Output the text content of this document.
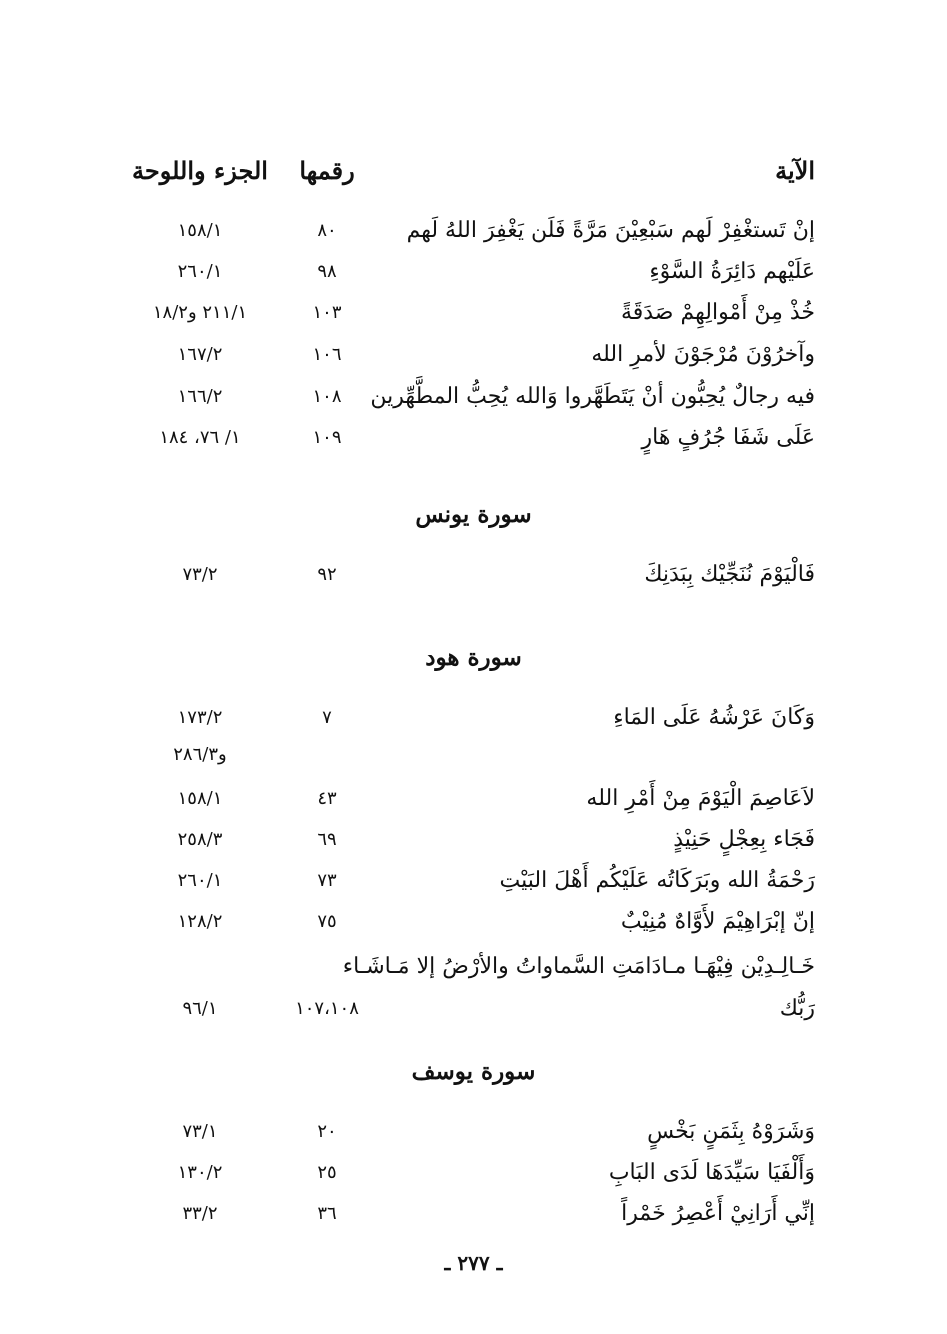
الآية
رقمها
الجزء واللوحة
إنْ تَستغْفِرْ لَهم سَبْعِيْنَ مَرَّةً فَلَن يَغْفِرَ اللهُ لَهم
٨٠
١٥٨/١
عَلَيْهم دَائِرَةُ السَّوْءِ
٩٨
٢٦٠/١
خُذْ مِنْ أَمْوالِهِمْ صَدَقَةً
١٠٣
٢١١/١ و١٨/٢
وآخرُوْنَ مُرْجَوْنَ لأمرِ الله
١٠٦
١٦٧/٢
فيه رجالٌ يُحِبُّون أنْ يَتَطَهَّروا وَالله يُحِبُّ المطَّهِّرين
١٠٨
١٦٦/٢
عَلَى شَفَا جُرُفٍ هَارٍ
١٠٩
١/ ٧٦، ١٨٤
سورة يونس
فَالْيَوْمَ نُنَجِّيْك بِبَدَنِكَ
٩٢
٧٣/٢
سورة هود
وَكَانَ عَرْشُهُ عَلَى المَاءِ
٧
١٧٣/٢
و٢٨٦/٣
لاَعَاصِمَ الْيَوْمَ مِنْ أَمْرِ الله
٤٣
١٥٨/١
فَجَاء بِعِجْلٍ حَنِيْذٍ
٦٩
٢٥٨/٣
رَحْمَةُ الله وبَرَكَاتُه عَلَيْكُم أَهْلَ البَيْتِ
٧٣
٢٦٠/١
إنّ إبْرَاهِيْمَ لأَوَّاهٌ مُنِيْبٌ
٧٥
١٢٨/٢
خَـالِـدِيْن فِيْهَـا مـادَامَتِ السَّماواتُ والأرْضُ إلا مَـاشَـاء
رَبُّك
١٠٧،١٠٨
٩٦/١
سورة يوسف
وَشَرَوْهُ بِثَمَنٍ بَخْسٍ
٢٠
٧٣/١
وَأَلْفَيَا سَيِّدَهَا لَدَى البَابِ
٢٥
١٣٠/٢
إنِّي أَرَانِيْ أَعْصِرُ خَمْراً
٣٦
٣٣/٢
ـ ٢٧٧ ـ
